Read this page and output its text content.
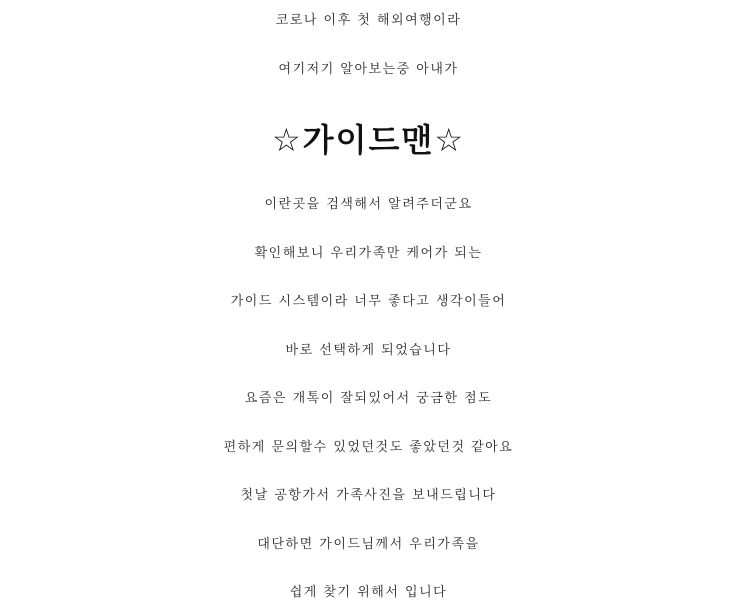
코로나 이후 첫 해외여행이라
여기저기 알아보는중 아내가
☆가이드맨☆
이란곳을 검색해서 알려주더군요
확인해보니 우리가족만 케어가 되는
가이드 시스템이라 너무 좋다고 생각이들어
바로 선택하게 되었습니다
요즘은 개톡이 잘되있어서 궁금한 점도
편하게 문의할수 있었던것도 좋았던것 같아요
첫날 공항가서 가족사진을 보내드립니다
대단하면 가이드님께서 우리가족을
쉽게 찾기 위해서 입니다
